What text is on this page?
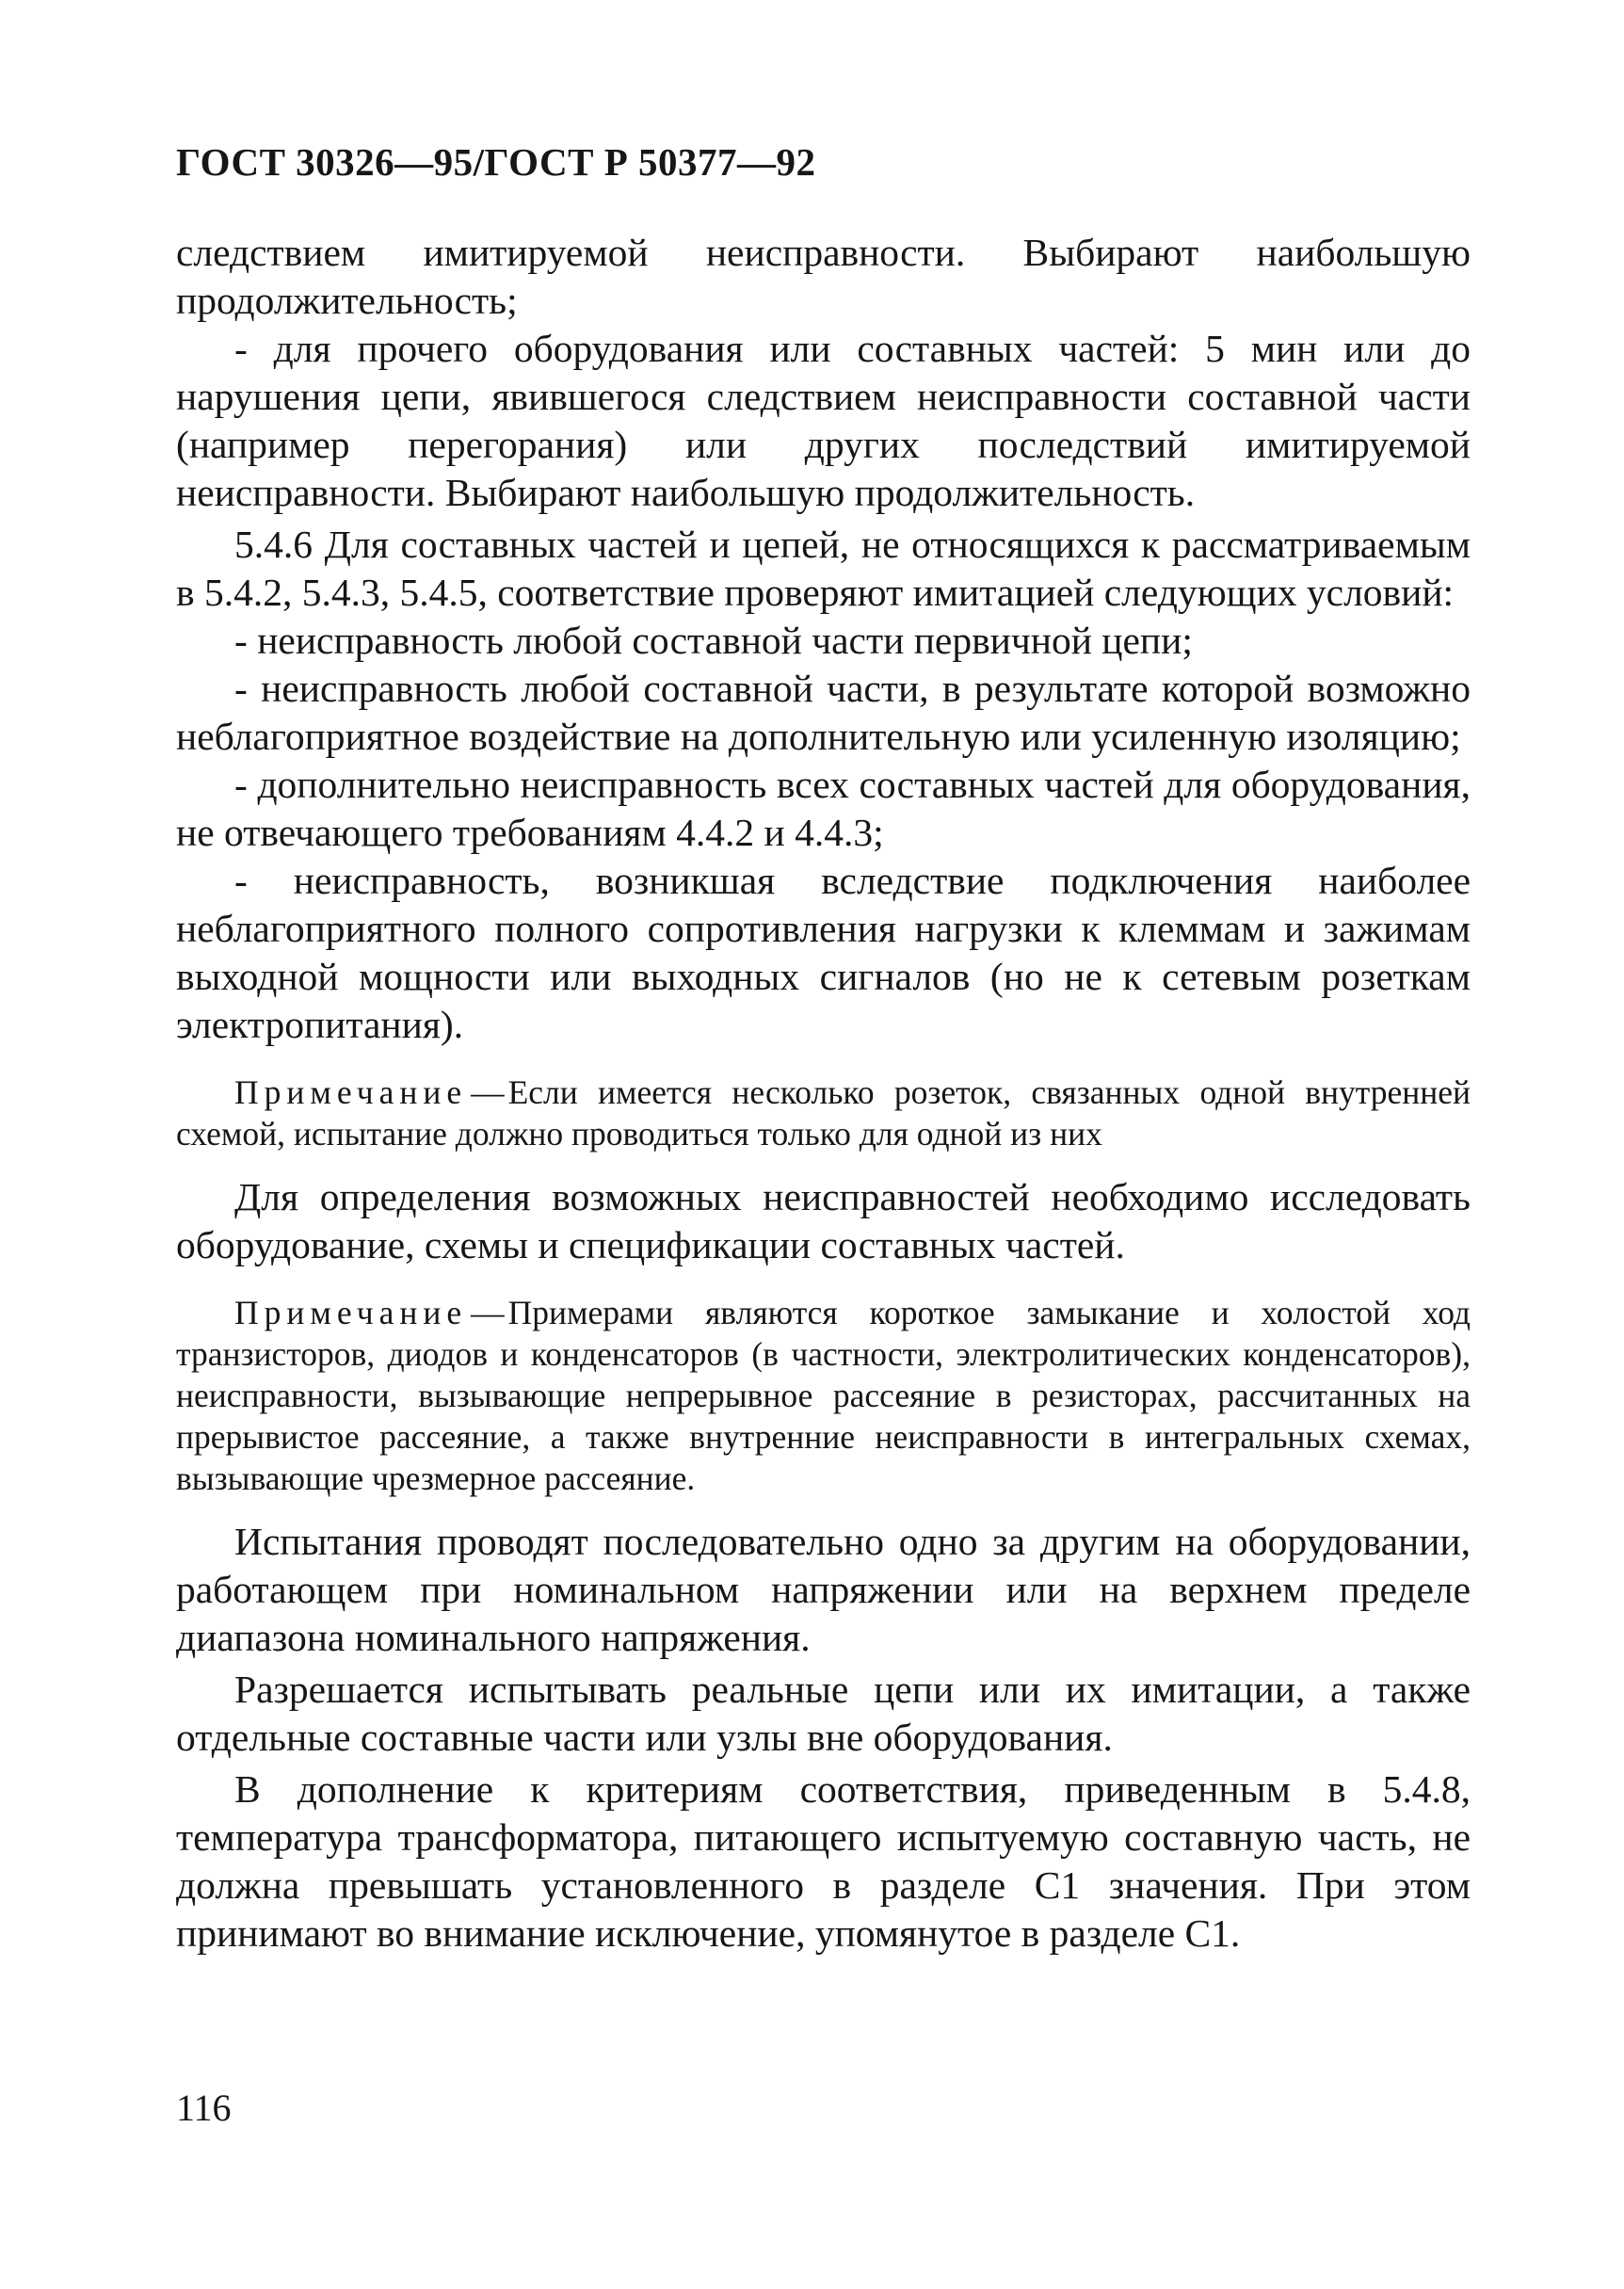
ГОСТ 30326—95/ГОСТ Р 50377—92

следствием имитируемой неисправности. Выбирают наибольшую продолжительность;

- для прочего оборудования или составных частей: 5 мин или до нарушения цепи, явившегося следствием неисправности составной части (например перегорания) или других последствий имитируемой неисправности. Выбирают наибольшую продолжительность.

5.4.6 Для составных частей и цепей, не относящихся к рассматриваемым в 5.4.2, 5.4.3, 5.4.5, соответствие проверяют имитацией следующих условий:

- неисправность любой составной части первичной цепи;

- неисправность любой составной части, в результате которой возможно неблагоприятное воздействие на дополнительную или усиленную изоляцию;

- дополнительно неисправность всех составных частей для оборудования, не отвечающего требованиям 4.4.2 и 4.4.3;

- неисправность, возникшая вследствие подключения наиболее неблагоприятного полного сопротивления нагрузки к клеммам и зажимам выходной мощности или выходных сигналов (но не к сетевым розеткам электропитания).

Примечание — Если имеется несколько розеток, связанных одной внутренней схемой, испытание должно проводиться только для одной из них

Для определения возможных неисправностей необходимо исследовать оборудование, схемы и спецификации составных частей.

Примечание — Примерами являются короткое замыкание и холостой ход транзисторов, диодов и конденсаторов (в частности, электролитических конденсаторов), неисправности, вызывающие непрерывное рассеяние в резисторах, рассчитанных на прерывистое рассеяние, а также внутренние неисправности в интегральных схемах, вызывающие чрезмерное рассеяние.

Испытания проводят последовательно одно за другим на оборудовании, работающем при номинальном напряжении или на верхнем пределе диапазона номинального напряжения.

Разрешается испытывать реальные цепи или их имитации, а также отдельные составные части или узлы вне оборудования.

В дополнение к критериям соответствия, приведенным в 5.4.8, температура трансформатора, питающего испытуемую составную часть, не должна превышать установленного в разделе С1 значения. При этом принимают во внимание исключение, упомянутое в разделе С1.

116
